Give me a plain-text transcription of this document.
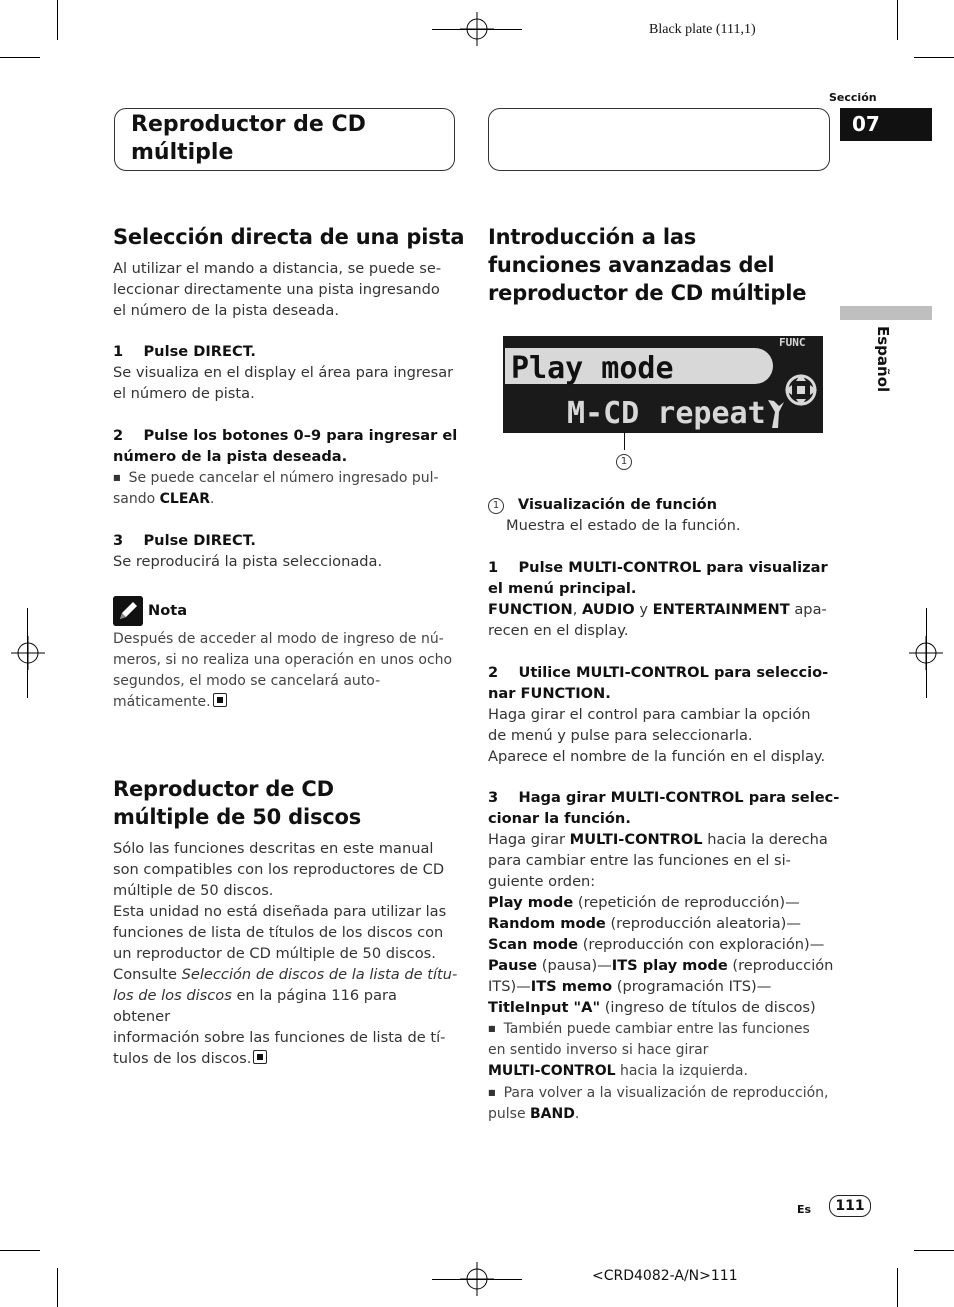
Black plate (111,1)
Reproductor de CD
múltiple
Sección
07
Español
Selección directa de una pista
Al utilizar el mando a distancia, se puede se-
leccionar directamente una pista ingresando
el número de la pista deseada.
1    Pulse DIRECT.
Se visualiza en el display el área para ingresar
el número de pista.
2    Pulse los botones 0–9 para ingresar el
número de la pista deseada.
■ Se puede cancelar el número ingresado pul-
sando CLEAR.
3    Pulse DIRECT.
Se reproducirá la pista seleccionada.
Nota
Después de acceder al modo de ingreso de nú-
meros, si no realiza una operación en unos ocho
segundos, el modo se cancelará auto-
máticamente.
Reproductor de CD
múltiple de 50 discos
Sólo las funciones descritas en este manual
son compatibles con los reproductores de CD
múltiple de 50 discos.
Esta unidad no está diseñada para utilizar las
funciones de lista de títulos de los discos con
un reproductor de CD múltiple de 50 discos.
Consulte Selección de discos de la lista de títu-
los de los discos en la página 116 para obtener
información sobre las funciones de lista de tí-
tulos de los discos.
Introducción a las
funciones avanzadas del
reproductor de CD múltiple
Play mode
FUNC
M-CD repeat
1
1 Visualización de función
Muestra el estado de la función.
1    Pulse MULTI-CONTROL para visualizar
el menú principal.
FUNCTION, AUDIO y ENTERTAINMENT apa-
recen en el display.
2    Utilice MULTI-CONTROL para seleccio-
nar FUNCTION.
Haga girar el control para cambiar la opción
de menú y pulse para seleccionarla.
Aparece el nombre de la función en el display.
3    Haga girar MULTI-CONTROL para selec-
cionar la función.
Haga girar MULTI-CONTROL hacia la derecha
para cambiar entre las funciones en el si-
guiente orden:
Play mode (repetición de reproducción)—
Random mode (reproducción aleatoria)—
Scan mode (reproducción con exploración)—
Pause (pausa)—ITS play mode (reproducción
ITS)—ITS memo (programación ITS)—
TitleInput "A" (ingreso de títulos de discos)
■ También puede cambiar entre las funciones
en sentido inverso si hace girar
MULTI-CONTROL hacia la izquierda.
■ Para volver a la visualización de reproducción,
pulse BAND.
Es	111
<CRD4082-A/N>111
